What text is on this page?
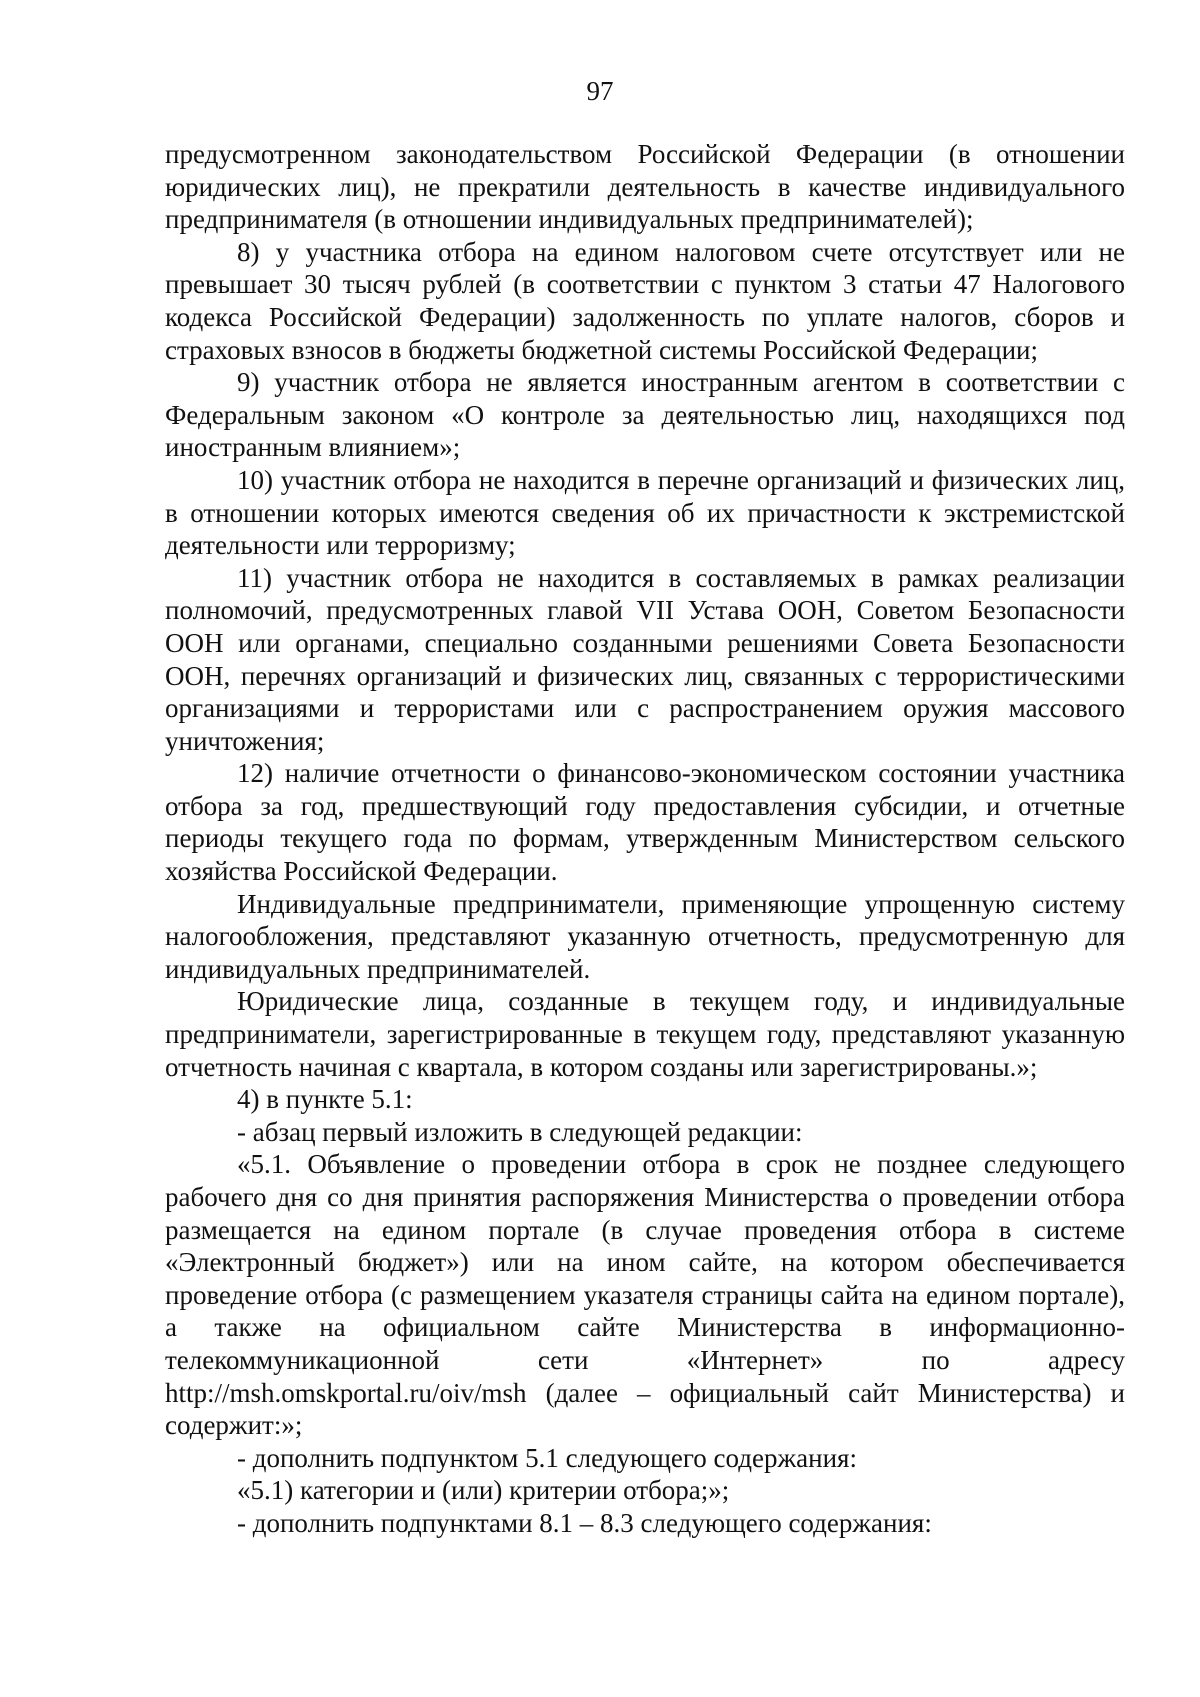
97

предусмотренном законодательством Российской Федерации (в отношении юридических лиц), не прекратили деятельность в качестве индивидуального предпринимателя (в отношении индивидуальных предпринимателей);

8) у участника отбора на едином налоговом счете отсутствует или не превышает 30 тысяч рублей (в соответствии с пунктом 3 статьи 47 Налогового кодекса Российской Федерации) задолженность по уплате налогов, сборов и страховых взносов в бюджеты бюджетной системы Российской Федерации;

9) участник отбора не является иностранным агентом в соответствии с Федеральным законом «О контроле за деятельностью лиц, находящихся под иностранным влиянием»;

10) участник отбора не находится в перечне организаций и физических лиц, в отношении которых имеются сведения об их причастности к экстремистской деятельности или терроризму;

11) участник отбора не находится в составляемых в рамках реализации полномочий, предусмотренных главой VII Устава ООН, Советом Безопасности ООН или органами, специально созданными решениями Совета Безопасности ООН, перечнях организаций и физических лиц, связанных с террористическими организациями и террористами или с распространением оружия массового уничтожения;

12) наличие отчетности о финансово-экономическом состоянии участника отбора за год, предшествующий году предоставления субсидии, и отчетные периоды текущего года по формам, утвержденным Министерством сельского хозяйства Российской Федерации.

Индивидуальные предприниматели, применяющие упрощенную систему налогообложения, представляют указанную отчетность, предусмотренную для индивидуальных предпринимателей.

Юридические лица, созданные в текущем году, и индивидуальные предприниматели, зарегистрированные в текущем году, представляют указанную отчетность начиная с квартала, в котором созданы или зарегистрированы.»;

4) в пункте 5.1:

- абзац первый изложить в следующей редакции:

«5.1. Объявление о проведении отбора в срок не позднее следующего рабочего дня со дня принятия распоряжения Министерства о проведении отбора размещается на едином портале (в случае проведения отбора в системе «Электронный бюджет») или на ином сайте, на котором обеспечивается проведение отбора (с размещением указателя страницы сайта на едином портале), а также на официальном сайте Министерства в информационно-телекоммуникационной сети «Интернет» по адресу http://msh.omskportal.ru/oiv/msh (далее – официальный сайт Министерства) и содержит:»;

- дополнить подпунктом 5.1 следующего содержания:

«5.1) категории и (или) критерии отбора;»;

- дополнить подпунктами 8.1 – 8.3 следующего содержания:
